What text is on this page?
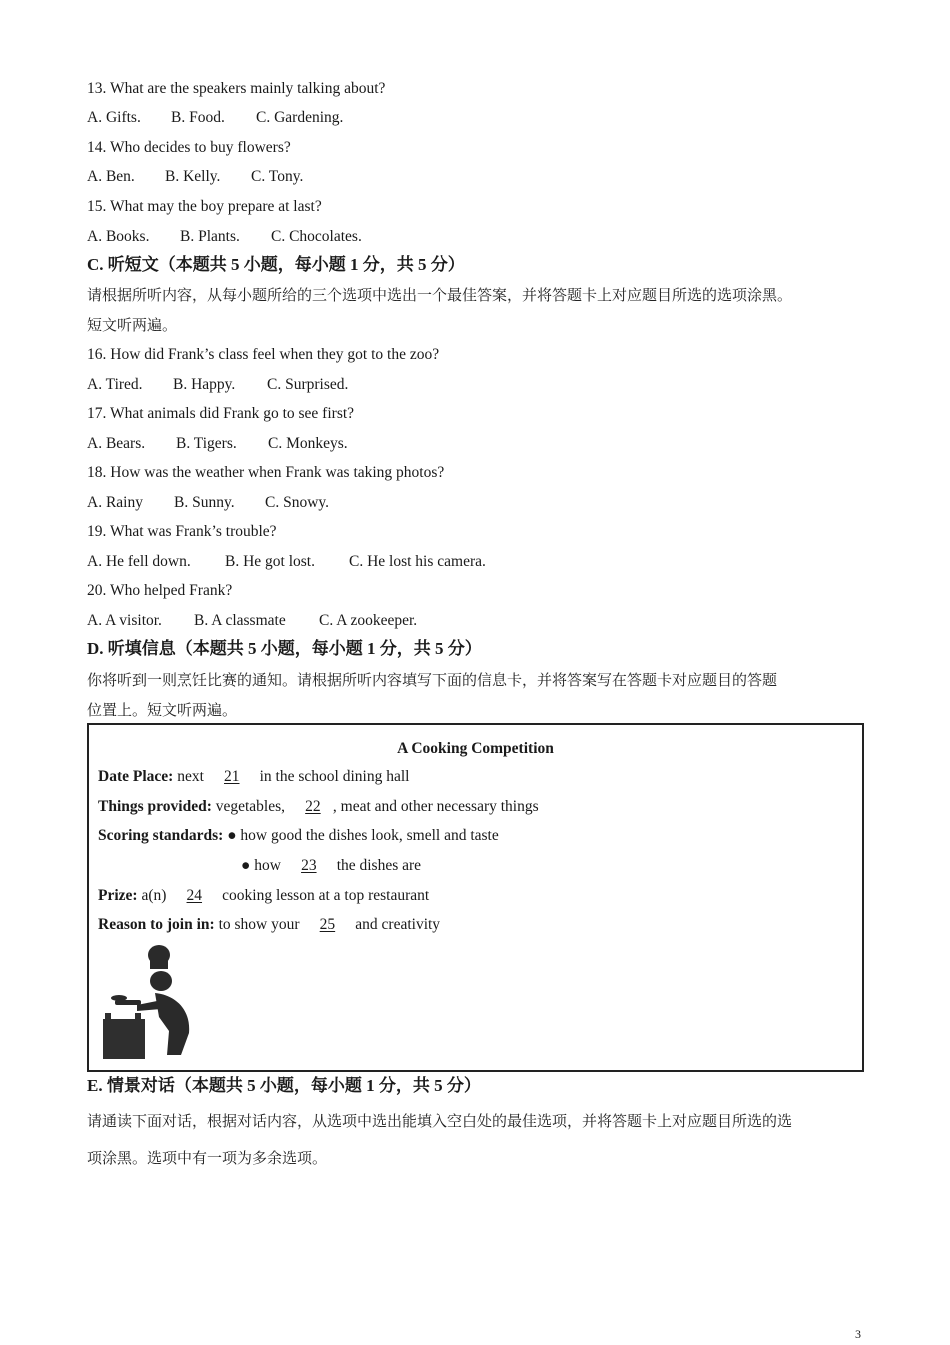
13. What are the speakers mainly talking about?
A. Gifts. B. Food. C. Gardening.
14. Who decides to buy flowers?
A. Ben. B. Kelly. C. Tony.
15. What may the boy prepare at last?
A. Books. B. Plants. C. Chocolates.
C. 听短文（本题共 5 小题，每小题 1 分，共 5 分）
请根据所听内容，从每小题所给的三个选项中选出一个最佳答案，并将答题卡上对应题目所选的选项涂黑。
短文听两遍。
16. How did Frank’s class feel when they got to the zoo?
A. Tired. B. Happy. C. Surprised.
17. What animals did Frank go to see first?
A. Bears. B. Tigers. C. Monkeys.
18. How was the weather when Frank was taking photos?
A. Rainy B. Sunny. C. Snowy.
19. What was Frank’s trouble?
A. He fell down. B. He got lost. C. He lost his camera.
20. Who helped Frank?
A. A visitor. B. A classmate C. A zookeeper.
D. 听填信息（本题共 5 小题，每小题 1 分，共 5 分）
你将听到一则烹饪比赛的通知。请根据所听内容填写下面的信息卡，并将答案写在答题卡对应题目的答题
位置上。短文听两遍。
A Cooking Competition
Date Place: next 21 in the school dining hall
Things provided: vegetables, 22 , meat and other necessary things
Scoring standards: ● how good the dishes look, smell and taste
● how 23 the dishes are
Prize: a(n) 24 cooking lesson at a top restaurant
Reason to join in: to show your 25 and creativity
E. 情景对话（本题共 5 小题，每小题 1 分，共 5 分）
请通读下面对话，根据对话内容，从选项中选出能填入空白处的最佳选项，并将答题卡上对应题目所选的选
项涂黑。选项中有一项为多余选项。
3
